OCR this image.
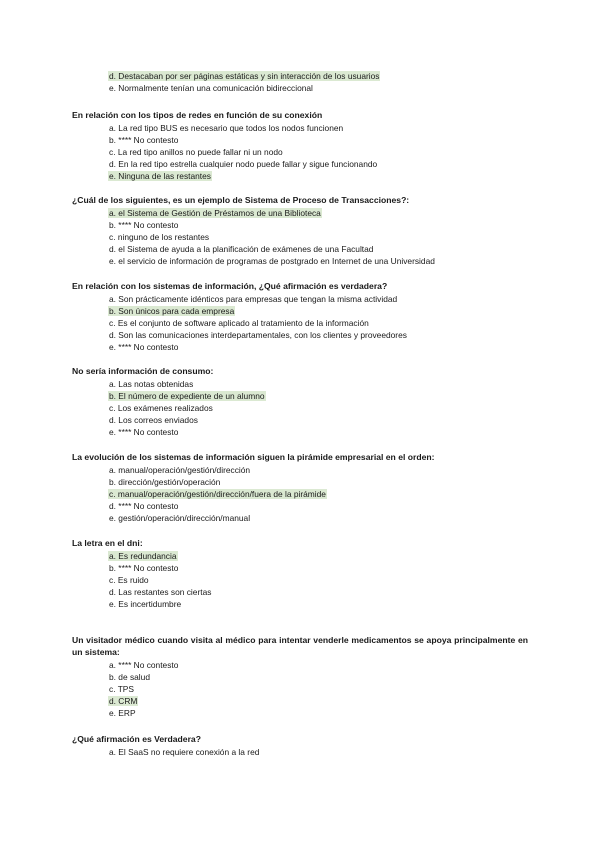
d. Destacaban por ser páginas estáticas y sin interacción de los usuarios
e. Normalmente tenían una comunicación bidireccional
En relación con los tipos de redes en función de su conexión
a. La red tipo BUS es necesario que todos los nodos funcionen
b. **** No contesto
c. La red tipo anillos no puede fallar ni un nodo
d. En la red tipo estrella cualquier nodo puede fallar y sigue funcionando
e. Ninguna de las restantes
¿Cuál de los siguientes, es un ejemplo de Sistema de Proceso de Transacciones?:
a. el Sistema de Gestión de Préstamos de una Biblioteca
b. **** No contesto
c. ninguno de los restantes
d. el Sistema de ayuda a la planificación de exámenes de una Facultad
e. el servicio de información de programas de postgrado en Internet de una Universidad
En relación con los sistemas de información, ¿Qué afirmación es verdadera?
a. Son prácticamente idénticos para empresas que tengan la misma actividad
b. Son únicos para cada empresa
c. Es el conjunto de software aplicado al tratamiento de la información
d. Son las comunicaciones interdepartamentales, con los clientes y proveedores
e. **** No contesto
No sería información de consumo:
a. Las notas obtenidas
b. El número de expediente de un alumno
c. Los exámenes realizados
d. Los correos enviados
e. **** No contesto
La evolución de los sistemas de información siguen la pirámide empresarial en el orden:
a. manual/operación/gestión/dirección
b. dirección/gestión/operación
c. manual/operación/gestión/dirección/fuera de la pirámide
d. **** No contesto
e. gestión/operación/dirección/manual
La letra en el dni:
a. Es redundancia
b. **** No contesto
c. Es ruido
d. Las restantes son ciertas
e. Es incertidumbre
Un visitador médico cuando visita al médico para intentar venderle medicamentos se apoya principalmente en un sistema:
a. **** No contesto
b. de salud
c. TPS
d. CRM
e. ERP
¿Qué afirmación es Verdadera?
a. El SaaS no requiere conexión a la red
